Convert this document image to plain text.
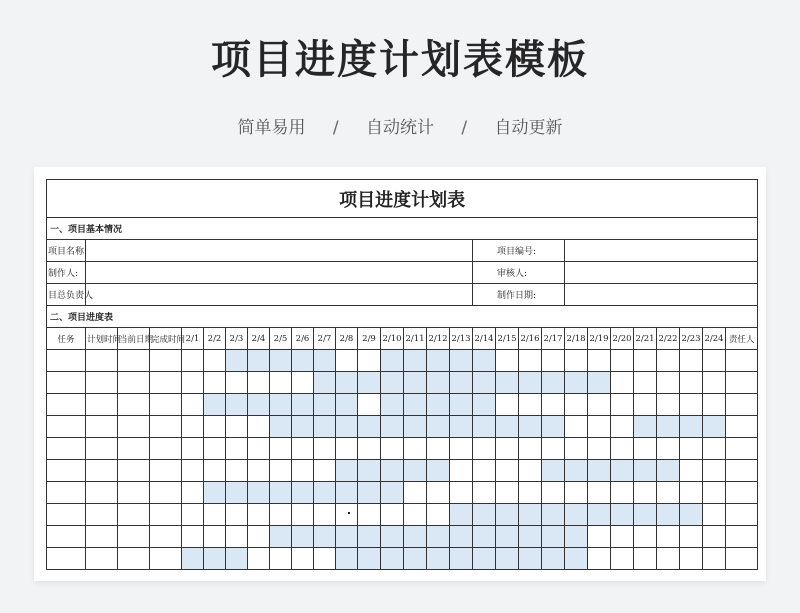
项目进度计划表模板
简单易用 / 自动统计 / 自动更新
项目进度计划表																												
一、项目基本情况																												
项目名称:																	项目编号:											
制作人:																	审核人:											
目总负责人																	制作日期:											
二、项目进度表																												
任务	计划时间	当前日期	完成时间	2/1	2/2	2/3	2/4	2/5	2/6	2/7	2/8	2/9	2/10	2/11	2/12	2/13	2/14	2/15	2/16	2/17	2/18	2/19	2/20	2/21	2/22	2/23	2/24	责任人
